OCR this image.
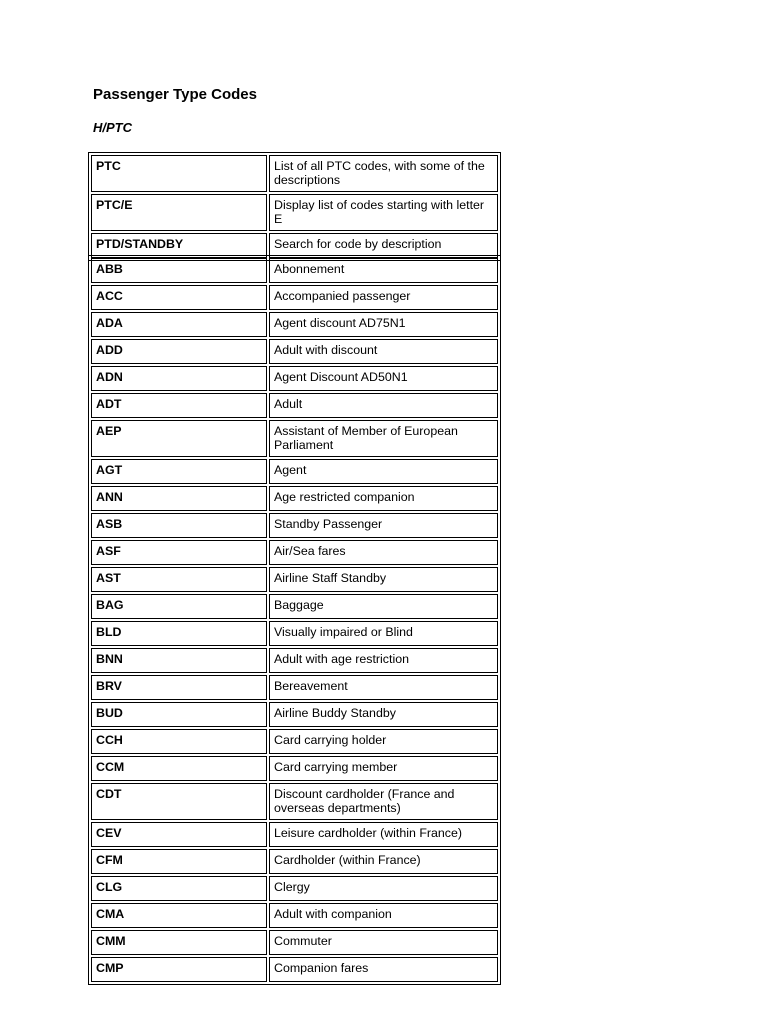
Passenger Type Codes
H/PTC
PTC	List of all PTC codes, with some of the descriptions
PTC/E	Display list of codes starting with letter E
PTD/STANDBY	Search for code by description
ABB	Abonnement
ACC	Accompanied passenger
ADA	Agent discount AD75N1
ADD	Adult with discount
ADN	Agent Discount AD50N1
ADT	Adult
AEP	Assistant of Member of European Parliament
AGT	Agent
ANN	Age restricted companion
ASB	Standby Passenger
ASF	Air/Sea fares
AST	Airline Staff Standby
BAG	Baggage
BLD	Visually impaired or Blind
BNN	Adult with age restriction
BRV	Bereavement
BUD	Airline Buddy Standby
CCH	Card carrying holder
CCM	Card carrying member
CDT	Discount cardholder (France and overseas departments)
CEV	Leisure cardholder (within France)
CFM	Cardholder (within France)
CLG	Clergy
CMA	Adult with companion
CMM	Commuter
CMP	Companion fares
